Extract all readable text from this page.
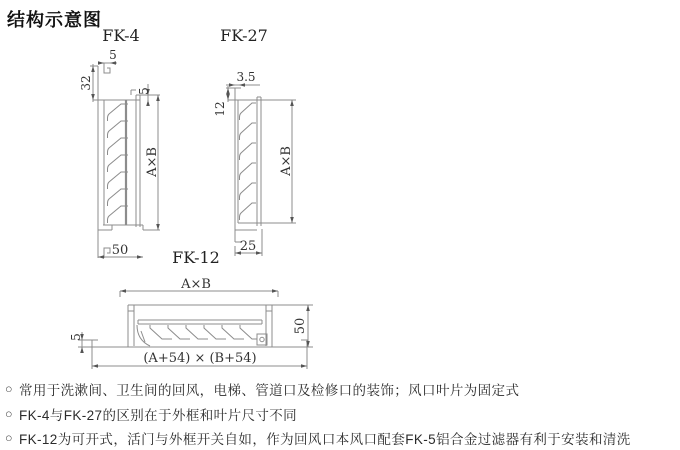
结构示意图
FK-4
5
32
5
A×B
50
FK-27
3.5
12
A×B
25
FK-12
A×B
5
50
(A+54) × (B+54)
○ 常用于洗漱间、卫生间的回风，电梯、管道口及检修口的装饰；风口叶片为固定式
○ FK-4与FK-27的区别在于外框和叶片尺寸不同
○ FK-12为可开式，活门与外框开关自如，作为回风口本风口配套FK-5铝合金过滤器有利于安装和清洗
